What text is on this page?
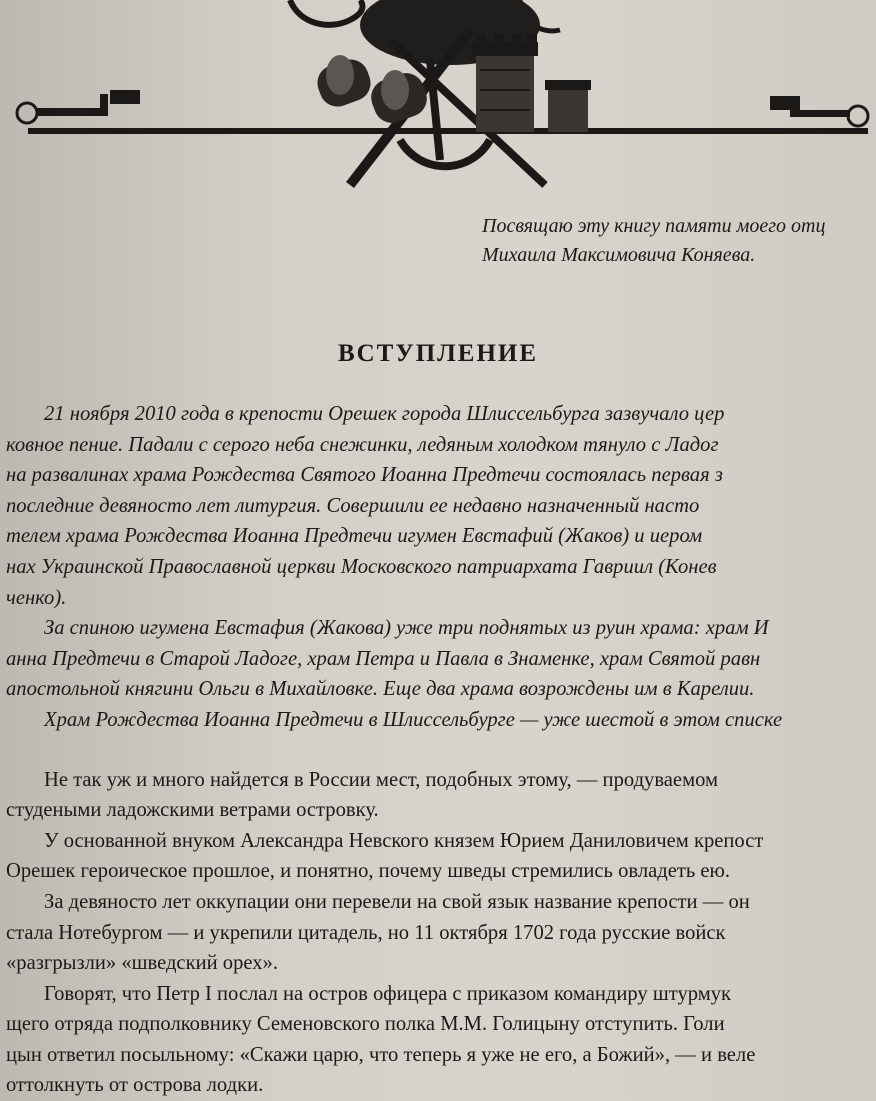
Посвящаю эту книгу памяти моего отц
Михаила Максимовича Коняева.
ВСТУПЛЕНИЕ
21 ноября 2010 года в крепости Орешек города Шлиссельбурга зазвучало цер
ковное пение. Падали с серого неба снежинки, ледяным холодком тянуло с Ладог
на развалинах храма Рождества Святого Иоанна Предтечи состоялась первая з
последние девяносто лет литургия. Совершили ее недавно назначенный насто
телем храма Рождества Иоанна Предтечи игумен Евстафий (Жаков) и иером
нах Украинской Православной церкви Московского патриархата Гавриил (Конев
ченко).
За спиною игумена Евстафия (Жакова) уже три поднятых из руин храма: храм И
анна Предтечи в Старой Ладоге, храм Петра и Павла в Знаменке, храм Святой равн
апостольной княгини Ольги в Михайловке. Еще два храма возрождены им в Карелии.
Храм Рождества Иоанна Предтечи в Шлиссельбурге — уже шестой в этом списке
Не так уж и много найдется в России мест, подобных этому, — продуваемом
студеными ладожскими ветрами островку.
У основанной внуком Александра Невского князем Юрием Даниловичем крепост
Орешек героическое прошлое, и понятно, почему шведы стремились овладеть ею.
За девяносто лет оккупации они перевели на свой язык название крепости — он
стала Нотебургом — и укрепили цитадель, но 11 октября 1702 года русские войск
«разгрызли» «шведский орех».
Говорят, что Петр I послал на остров офицера с приказом командиру штурмук
щего отряда подполковнику Семеновского полка М.М. Голицыну отступить. Голи
цын ответил посыльному: «Скажи царю, что теперь я уже не его, а Божий», — и веле
оттолкнуть от острова лодки.
